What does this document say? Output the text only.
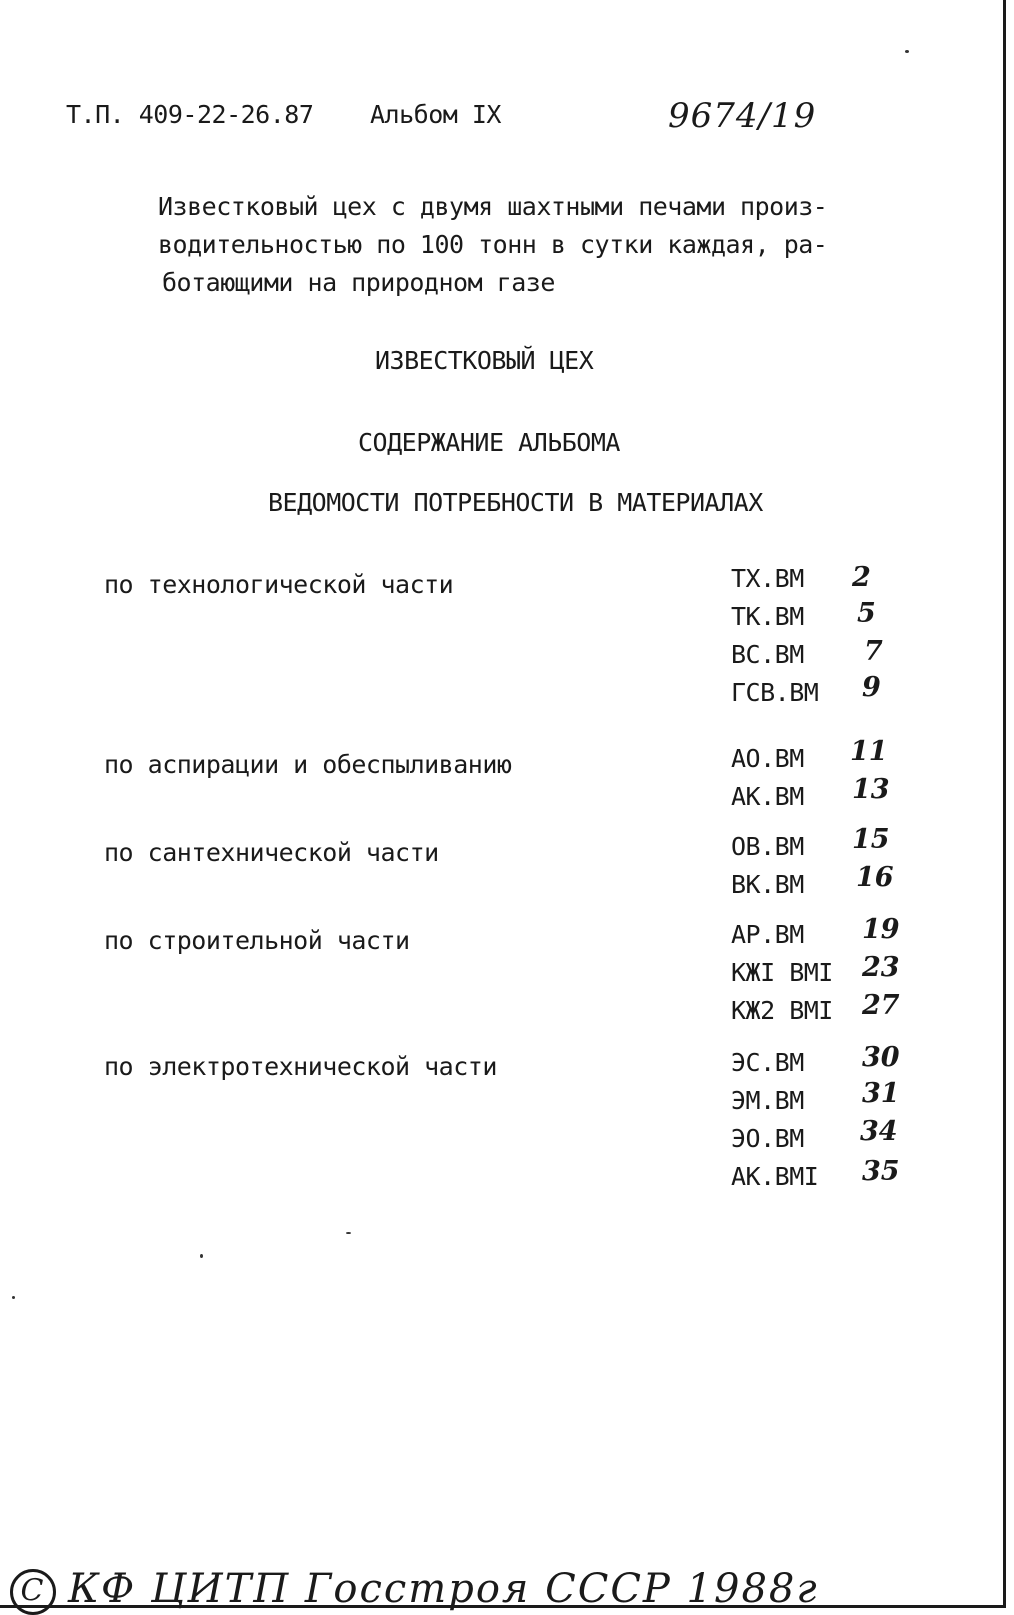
Т.П. 409-22-26.87 Альбом IX	9674/19
Известковый цех с двумя шахтными печами произ-
водительностью по 100 тонн в сутки каждая, ра-
ботающими на природном газе
ИЗВЕСТКОВЫЙ ЦЕХ
СОДЕРЖАНИЕ АЛЬБОМА
ВЕДОМОСТИ ПОТРЕБНОСТИ В МАТЕРИАЛАХ
по технологической части	ТХ.ВМ 2
ТК.ВМ 5
ВС.ВМ 7
ГСВ.ВМ 9
по аспирации и обеспыливанию	АО.ВМ 11
АК.ВМ 13
по сантехнической части	ОВ.ВМ 15
ВК.ВМ 16
по строительной части	АР.ВМ 19
КЖI ВМI 23
КЖ2 ВМI 27
по электротехнической части	ЭС.ВМ 30
ЭМ.ВМ 31
ЭО.ВМ 34
АК.ВМI 35
С КФ ЦИТП Госстроя СССР 1988г
